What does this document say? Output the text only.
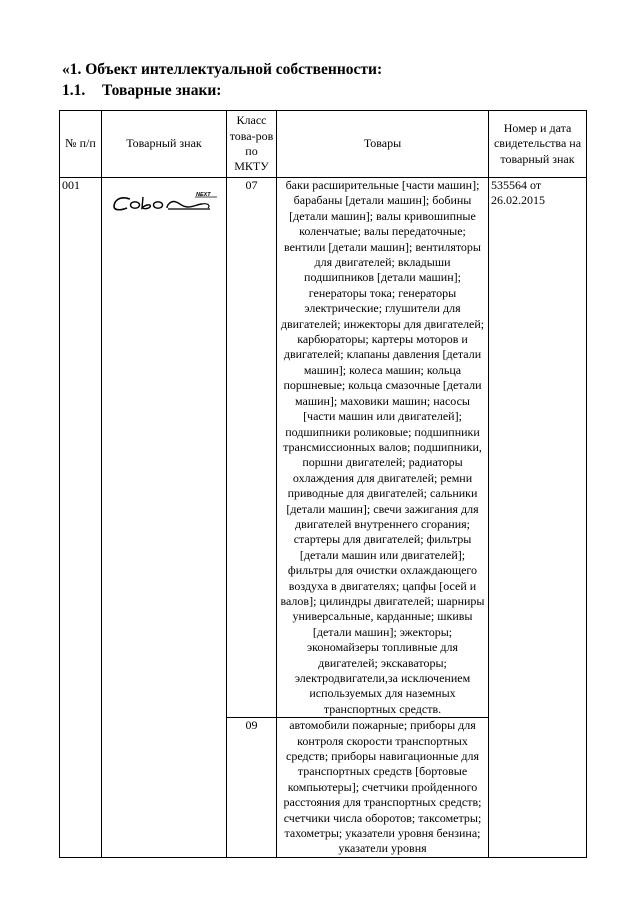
«1. Объект интеллектуальной собственности:
1.1. Товарные знаки:
№ п/п	Товарный знак	Класс това-ров по МКТУ	Товары	Номер и дата свидетельства на товарный знак
001	NEXT	07	баки расширительные [части машин]; барабаны [детали машин]; бобины [детали машин]; валы кривошипные коленчатые; валы передаточные; вентили [детали машин]; вентиляторы для двигателей; вкладыши подшипников [детали машин]; генераторы тока; генераторы электрические; глушители для двигателей; инжекторы для двигателей; карбюраторы; картеры моторов и двигателей; клапаны давления [детали машин]; колеса машин; кольца поршневые; кольца смазочные [детали машин]; маховики машин; насосы [части машин или двигателей]; подшипники роликовые; подшипники трансмиссионных валов; подшипники, поршни двигателей; радиаторы охлаждения для двигателей; ремни приводные для двигателей; сальники [детали машин]; свечи зажигания для двигателей внутреннего сгорания; стартеры для двигателей; фильтры [детали машин или двигателей]; фильтры для очистки охлаждающего воздуха в двигателях; цапфы [осей и валов]; цилиндры двигателей; шарниры универсальные, карданные; шкивы [детали машин]; эжекторы; экономайзеры топливные для двигателей; экскаваторы; электродвигатели,за исключением используемых для наземных транспортных средств.	535564 от 26.02.2015
		09	автомобили пожарные; приборы для контроля скорости транспортных средств; приборы навигационные для транспортных средств [бортовые компьютеры]; счетчики пройденного расстояния для транспортных средств; счетчики числа оборотов; таксометры; тахометры; указатели уровня бензина; указатели уровня	
